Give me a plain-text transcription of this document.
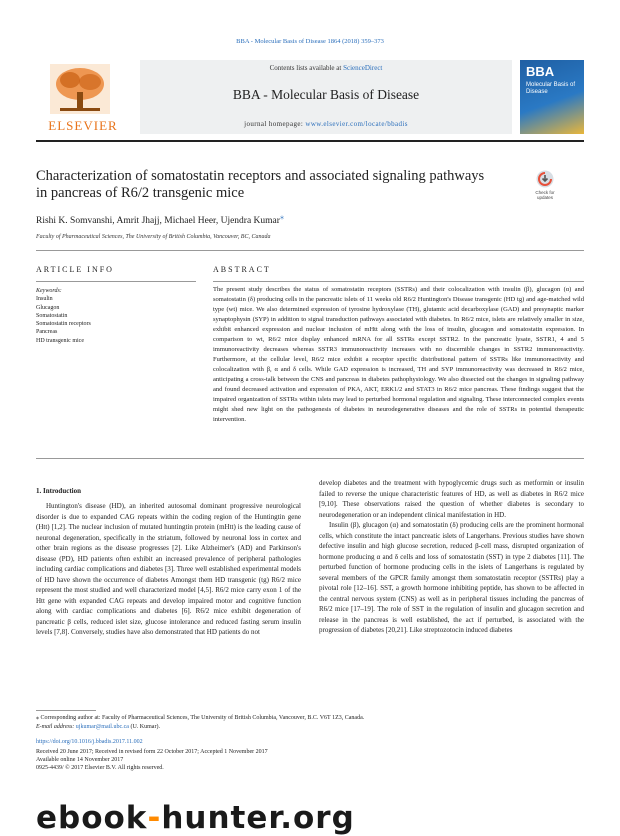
BBA - Molecular Basis of Disease 1864 (2018) 359–373
ELSEVIER
Contents lists available at ScienceDirect
BBA - Molecular Basis of Disease
journal homepage: www.elsevier.com/locate/bbadis
BBA
Molecular Basis of Disease
Characterization of somatostatin receptors and associated signaling pathways in pancreas of R6/2 transgenic mice	Check for
updates
Rishi K. Somvanshi, Amrit Jhajj, Michael Heer, Ujendra Kumar⁎
Faculty of Pharmaceutical Sciences, The University of British Columbia, Vancouver, BC, Canada
ARTICLE INFO	ABSTRACT
Keywords:
Insulin
Glucagon
Somatostatin
Somatostatin receptors
Pancreas
HD transgenic mice
The present study describes the status of somatostatin receptors (SSTRs) and their colocalization with insulin (β), glucagon (α) and somatostatin (δ) producing cells in the pancreatic islets of 11 weeks old R6/2 Huntington's Disease transgenic (HD tg) and age-matched wild type (wt) mice. We also determined expression of tyrosine hydroxylase (TH), glutamic acid decarboxylase (GAD) and presynaptic marker synaptophysin (SYP) in addition to signal transduction pathways associated with diabetes. In R6/2 mice, islets are relatively smaller in size, exhibit enhanced expression and nuclear inclusion of mHtt along with the loss of insulin, glucagon and somatostatin expression. In comparison to wt, R6/2 mice display enhanced mRNA for all SSTRs except SSTR2. In the pancreatic lysate, SSTR1, 4 and 5 immunoreactivity decreases whereas SSTR3 immunoreactivity increases with no discernible changes in SSTR2 immunoreactivity. Furthermore, at the cellular level, R6/2 mice exhibit a receptor specific distributional pattern of SSTRs like immunoreactivity and colocalization with β, α and δ cells. While GAD expression is increased, TH and SYP immunoreactivity was decreased in R6/2 mice, anticipating a cross-talk between the CNS and pancreas in diabetes pathophysiology. We also dissected out the changes in signaling pathway and found decreased activation and expression of PKA, AKT, ERK1/2 and STAT3 in R6/2 mice pancreas. These findings suggest that the impaired organization of SSTRs within islets may lead to perturbed hormonal regulation and signaling. These interconnected complex events might shed new light on the pathogenesis of diabetes in neurodegenerative diseases and the role of SSTRs in potential therapeutic intervention.
1. Introduction

Huntington's disease (HD), an inherited autosomal dominant progressive neurological disorder is due to expanded CAG repeats within the coding region of the Huntingtin gene (Htt) [1,2]. The nuclear inclusion of mutated huntingtin protein (mHtt) is the leading cause of neuronal degeneration, specifically in the striatum, followed by neuronal loss in cortex and other brain regions as the disease progresses [2]. Like Alzheimer's (AD) and Parkinson's disease (PD), HD patients often exhibit an increased prevalence of peripheral pathologies including cardiac complications and diabetes [3]. Three well established experimental models of HD have shown the occurrence of diabetes Amongst them HD transgenic (tg) R6/2 mice represent the most studied and well characterized model [4,5]. R6/2 mice carry exon 1 of the Htt gene with expanded CAG repeats and develop impaired motor and cognitive function along with cardiac complications and diabetes [6]. R6/2 mice exhibit degeneration of pancreatic β cells, reduced islet size, glucose intolerance and reduced fasting serum insulin levels [7,8]. Conversely, studies have also demonstrated that HD patients do not

develop diabetes and the treatment with hypoglycemic drugs such as metformin or insulin failed to reverse the unique characteristic features of HD, as well as diabetes in R6/2 mice [9,10]. These observations raised the question of whether diabetes is secondary to neurodegeneration or an independent clinical manifestation in HD.

Insulin (β), glucagon (α) and somatostatin (δ) producing cells are the prominent hormonal cells, which constitute the intact pancreatic islets of Langerhans. Previous studies have shown defective insulin and high glucose secretion, reduced β-cell mass, disrupted organization of hormone producing α and δ cells and loss of somatostatin (SST) in type 2 diabetes [11]. The perturbed function of hormone producing cells in the islets of Langerhans is regulated by several members of the GPCR family amongst them somatostatin receptor (SSTRs) play a pivotal role [12–16]. SST, a growth hormone inhibiting peptide, has shown to be affected in the central nervous system (CNS) as well as in peripheral tissues including the pancreas of R6/2 mice [17–19]. The role of SST in the regulation of insulin and glucagon secretion and release in the pancreas is well established, the act if perturbed, is associated with the progression of diabetes [20,21]. Like streptozotocin induced diabetes

⁎ Corresponding author at: Faculty of Pharmaceutical Sciences, The University of British Columbia, Vancouver, B.C. V6T 1Z3, Canada.
E-mail address: ujkumar@mail.ubc.ca (U. Kumar).
https://doi.org/10.1016/j.bbadis.2017.11.002
Received 20 June 2017; Received in revised form 22 October 2017; Accepted 1 November 2017
Available online 14 November 2017
0925-4439/ © 2017 Elsevier B.V. All rights reserved.
ebook-hunter.org
